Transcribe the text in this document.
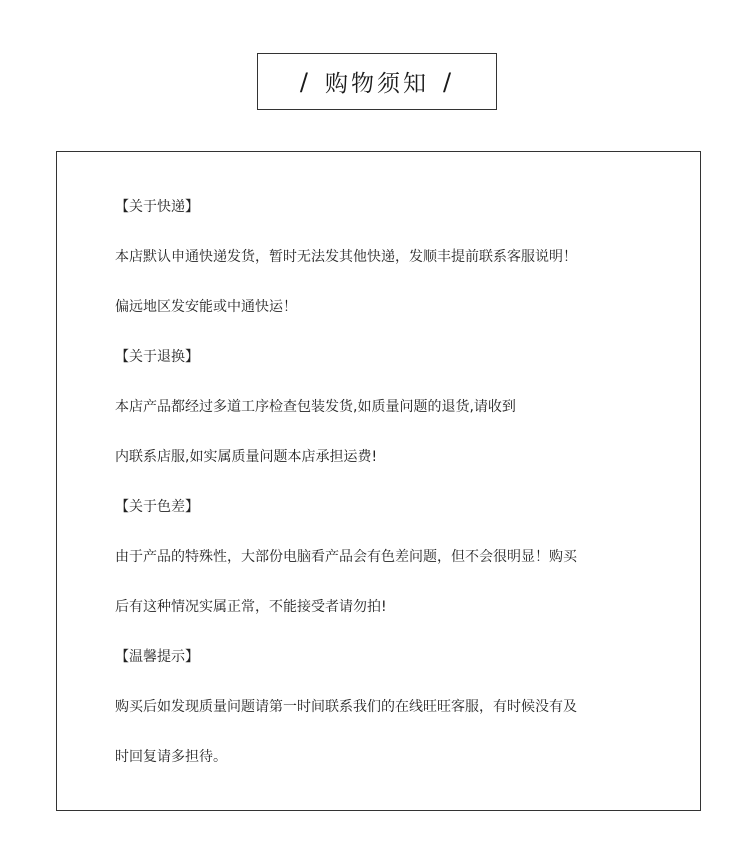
/ 购物须知 /
【关于快递】
本店默认申通快递发货，暂时无法发其他快递，发顺丰提前联系客服说明！
偏远地区发安能或中通快运！
【关于退换】
本店产品都经过多道工序检查包装发货,如质量问题的退货,请收到
内联系店服,如实属质量问题本店承担运费!
【关于色差】
由于产品的特殊性，大部份电脑看产品会有色差问题，但不会很明显！购买
后有这种情况实属正常，不能接受者请勿拍!
【温馨提示】
购买后如发现质量问题请第一时间联系我们的在线旺旺客服，有时候没有及
时回复请多担待。
